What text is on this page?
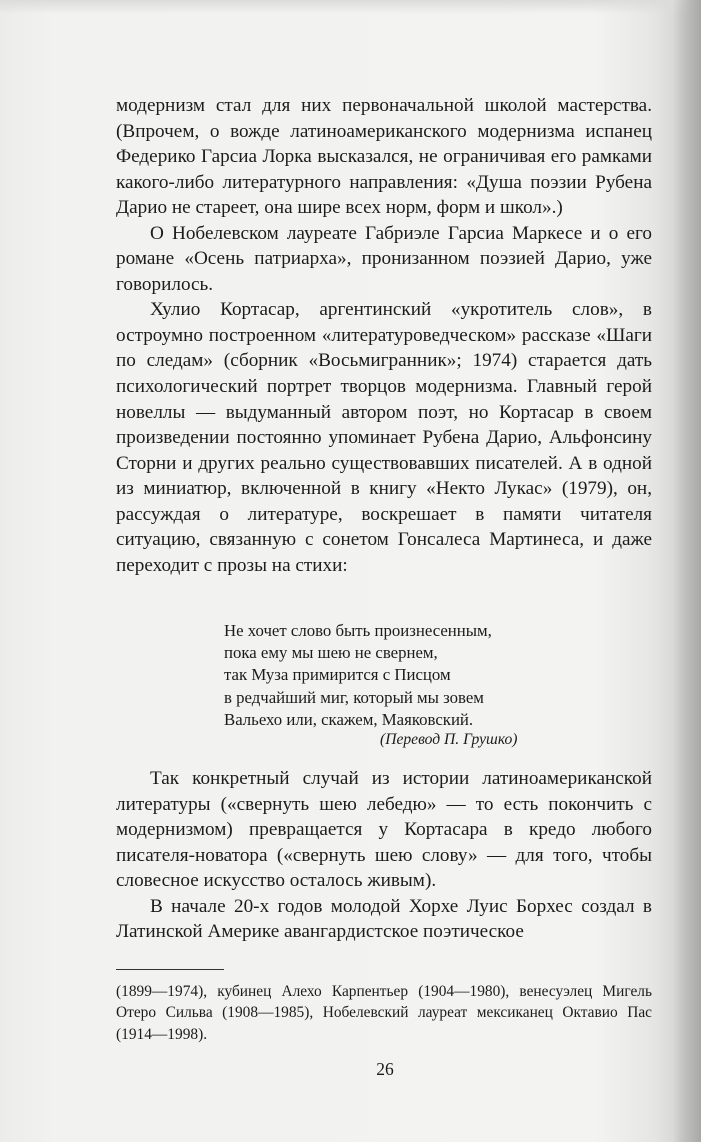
модернизм стал для них первоначальной школой мастерства. (Впрочем, о вожде латиноамериканского модернизма испанец Федерико Гарсиа Лорка высказался, не ограничивая его рамками какого-либо литературного направления: «Душа поэзии Рубена Дарио не стареет, она шире всех норм, форм и школ».)

О Нобелевском лауреате Габриэле Гарсиа Маркесе и о его романе «Осень патриарха», пронизанном поэзией Дарио, уже говорилось.

Хулио Кортасар, аргентинский «укротитель слов», в остроумно построенном «литературоведческом» рассказе «Шаги по следам» (сборник «Восьмигранник»; 1974) старается дать психологический портрет творцов модернизма. Главный герой новеллы — выдуманный автором поэт, но Кортасар в своем произведении постоянно упоминает Рубена Дарио, Альфонсину Сторни и других реально существовавших писателей. А в одной из миниатюр, включенной в книгу «Некто Лукас» (1979), он, рассуждая о литературе, воскрешает в памяти читателя ситуацию, связанную с сонетом Гонсалеса Мартинеса, и даже переходит с прозы на стихи:

Не хочет слово быть произнесенным,
пока ему мы шею не свернем,
так Муза примирится с Писцом
в редчайший миг, который мы зовем
Вальехо или, скажем, Маяковский.
(Перевод П. Грушко)

Так конкретный случай из истории латиноамериканской литературы («свернуть шею лебедю» — то есть покончить с модернизмом) превращается у Кортасара в кредо любого писателя-новатора («свернуть шею слову» — для того, чтобы словесное искусство осталось живым).

В начале 20-х годов молодой Хорхе Луис Борхес создал в Латинской Америке авангардистское поэтическое

(1899—1974), кубинец Алехо Карпентьер (1904—1980), венесуэлец Мигель Отеро Сильва (1908—1985), Нобелевский лауреат мексиканец Октавио Пас (1914—1998).

26
